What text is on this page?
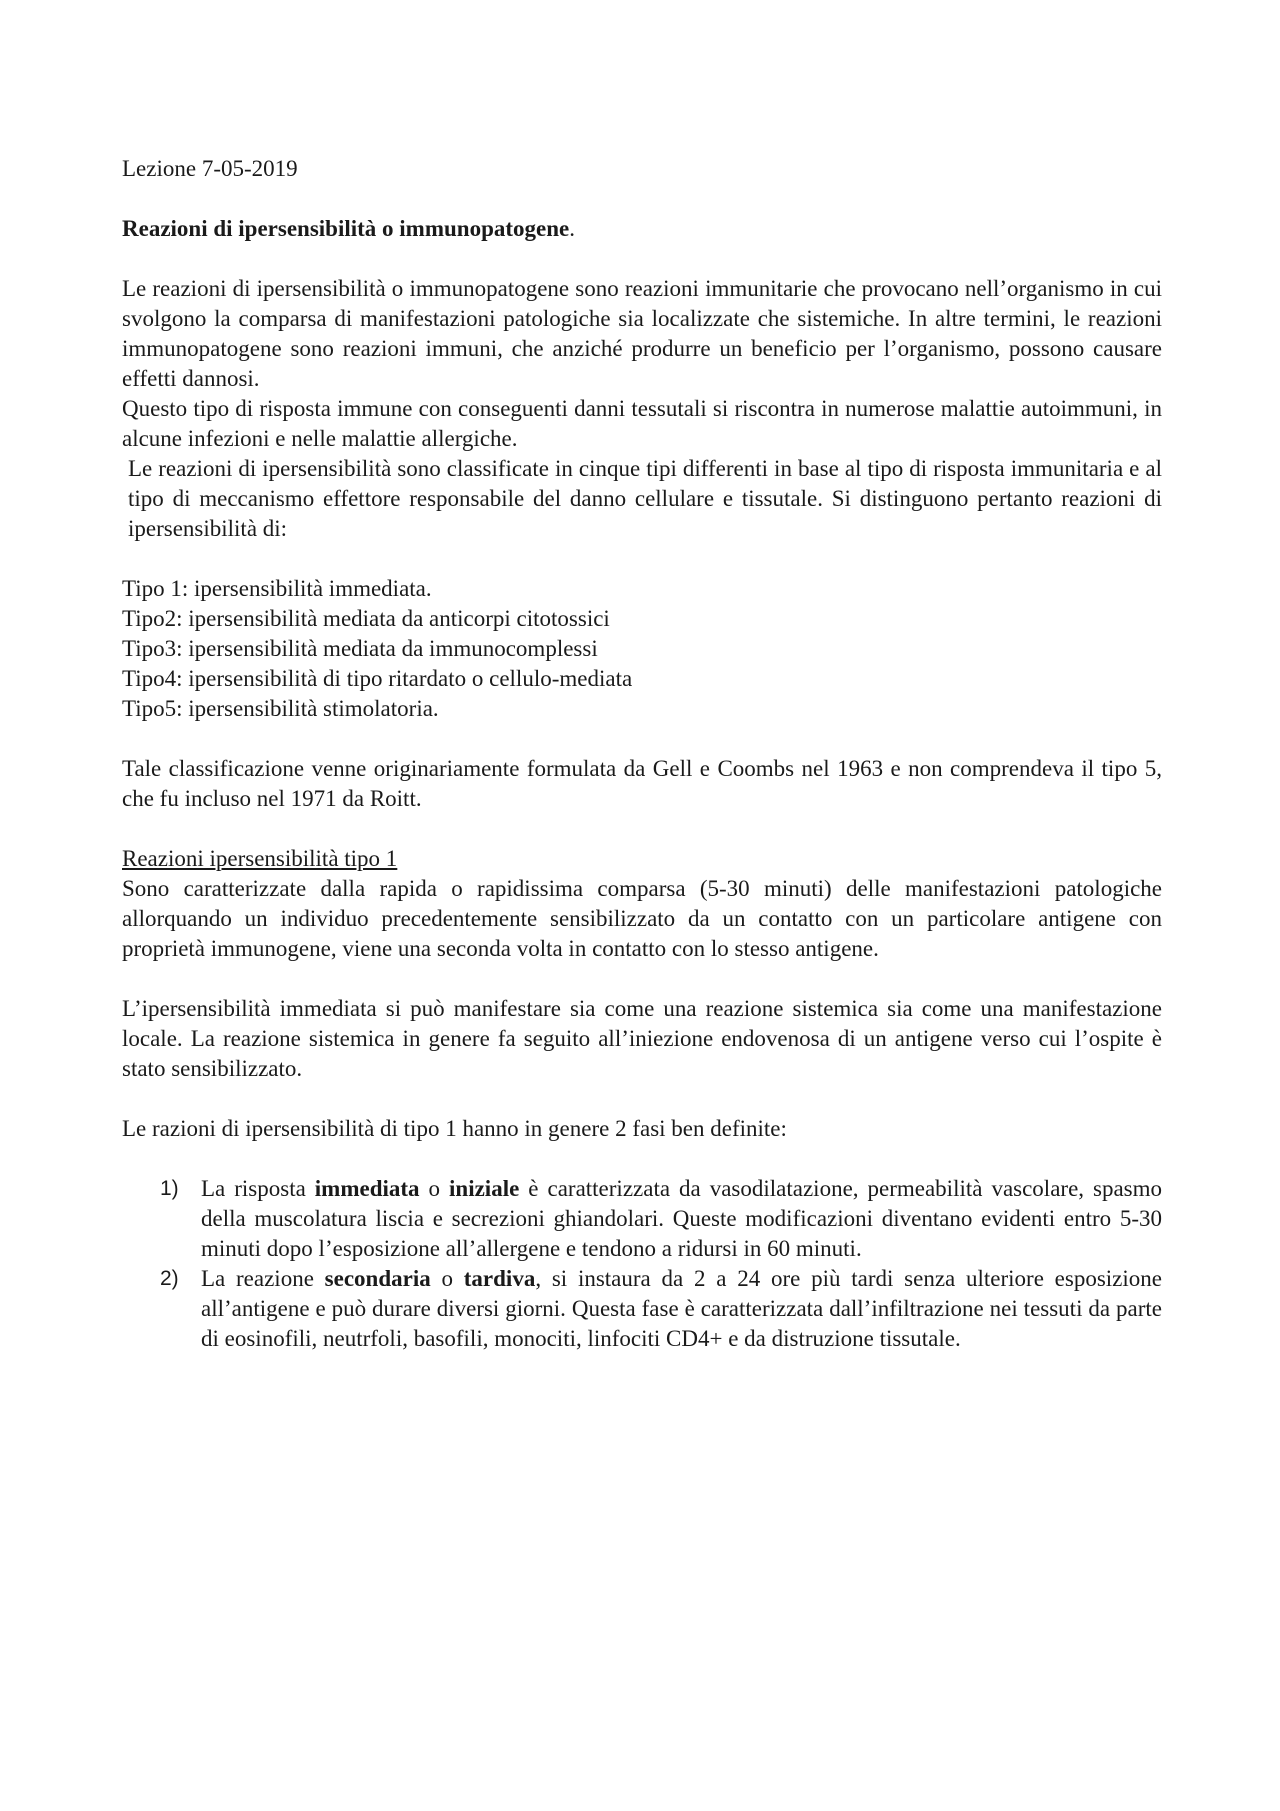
Lezione 7-05-2019

Reazioni di ipersensibilità o immunopatogene.

Le reazioni di ipersensibilità o immunopatogene sono reazioni immunitarie che provocano nell’organismo in cui svolgono la comparsa di manifestazioni patologiche sia localizzate che sistemiche. In altre termini, le reazioni immunopatogene sono reazioni immuni, che anziché produrre un beneficio per l’organismo, possono causare effetti dannosi.

Questo tipo di risposta immune con conseguenti danni tessutali si riscontra in numerose malattie autoimmuni, in alcune infezioni e nelle malattie allergiche.

Le reazioni di ipersensibilità sono classificate in cinque tipi differenti in base al tipo di risposta immunitaria e al tipo di meccanismo effettore responsabile del danno cellulare e tissutale. Si distinguono pertanto reazioni di ipersensibilità di:

Tipo 1: ipersensibilità immediata.

Tipo2: ipersensibilità mediata da anticorpi citotossici

Tipo3: ipersensibilità mediata da immunocomplessi

Tipo4: ipersensibilità di tipo ritardato o cellulo-mediata

Tipo5: ipersensibilità stimolatoria.

Tale classificazione venne originariamente formulata da Gell e Coombs nel 1963 e non comprendeva il tipo 5, che fu incluso nel 1971 da Roitt.

Reazioni ipersensibilità tipo 1

Sono caratterizzate dalla rapida o rapidissima comparsa (5-30 minuti) delle manifestazioni patologiche allorquando un individuo precedentemente sensibilizzato da un contatto con un particolare antigene con proprietà immunogene, viene una seconda volta in contatto con lo stesso antigene.

L’ipersensibilità immediata si può manifestare sia come una reazione sistemica sia come una manifestazione locale. La reazione sistemica in genere fa seguito all’iniezione endovenosa di un antigene verso cui l’ospite è stato sensibilizzato.

Le razioni di ipersensibilità di tipo 1 hanno in genere 2 fasi ben definite:

1) La risposta immediata o iniziale è caratterizzata da vasodilatazione, permeabilità vascolare, spasmo della muscolatura liscia e secrezioni ghiandolari. Queste modificazioni diventano evidenti entro 5-30 minuti dopo l’esposizione all’allergene e tendono a ridursi in 60 minuti.
2) La reazione secondaria o tardiva, si instaura da 2 a 24 ore più tardi senza ulteriore esposizione all’antigene e può durare diversi giorni. Questa fase è caratterizzata dall’infiltrazione nei tessuti da parte di eosinofili, neutrfoli, basofili, monociti, linfociti CD4+ e da distruzione tissutale.
